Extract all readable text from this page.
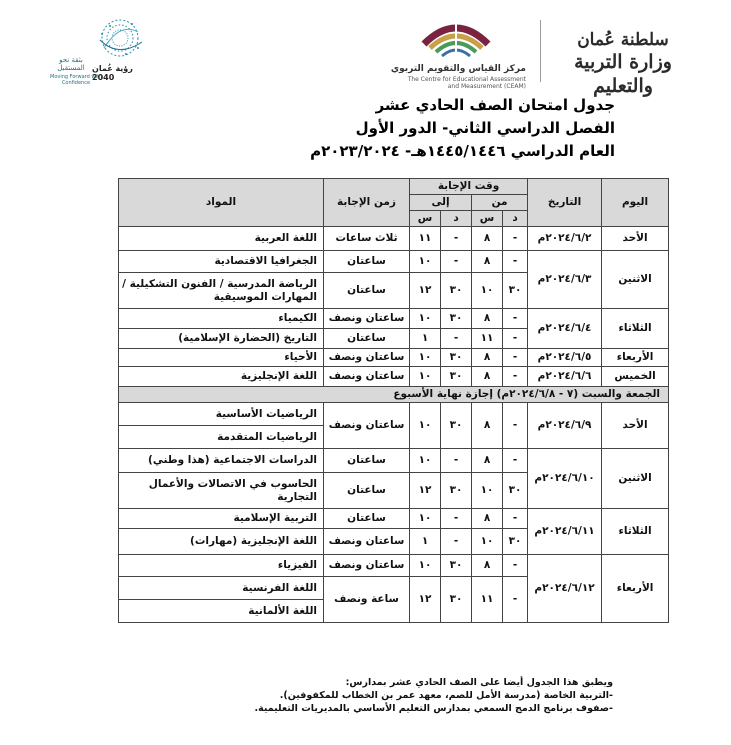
بثقة نحو المستقبل رؤية عُمان 2040
Moving Forward with Confidence
مركز القياس والتقويم التربوي
The Centre for Educational Assessment
and Measurement (CEAM)
سلطنة عُمان
وزارة التربية والتعليم
جدول امتحان الصف الحادي عشر
الفصل الدراسي الثاني- الدور الأول
العام الدراسي ١٤٤٥/١٤٤٦هـ- ٢٠٢٣/٢٠٢٤م
اليوم	التاريخ	وقت الإجابة				زمن الإجابة	المواد
		من		إلى			
		د	س	د	س		
الأحد	٢٠٢٤/٦/٢م	-	٨	-	١١	ثلاث ساعات	اللغة العربية
الاثنين	٢٠٢٤/٦/٣م	-	٨	-	١٠	ساعتان	الجغرافيا الاقتصادية
		٣٠	١٠	٣٠	١٢	ساعتان	الرياضة المدرسية / الفنون التشكيلية / المهارات الموسيقية
الثلاثاء	٢٠٢٤/٦/٤م	-	٨	٣٠	١٠	ساعتان ونصف	الكيمياء
		-	١١	-	١	ساعتان	التاريخ (الحضارة الإسلامية)
الأربعاء	٢٠٢٤/٦/٥م	-	٨	٣٠	١٠	ساعتان ونصف	الأحياء
الخميس	٢٠٢٤/٦/٦م	-	٨	٣٠	١٠	ساعتان ونصف	اللغة الإنجليزية
الجمعة والسبت (٧ - ٢٠٢٤/٦/٨م) إجازة نهاية الأسبوع							
الأحد	٢٠٢٤/٦/٩م	-	٨	٣٠	١٠	ساعتان ونصف	الرياضيات الأساسية
							الرياضيات المتقدمة
الاثنين	٢٠٢٤/٦/١٠م	-	٨	-	١٠	ساعتان	الدراسات الاجتماعية (هذا وطني)
		٣٠	١٠	٣٠	١٢	ساعتان	الحاسوب في الاتصالات والأعمال التجارية
الثلاثاء	٢٠٢٤/٦/١١م	-	٨	-	١٠	ساعتان	التربية الإسلامية
		٣٠	١٠	-	١	ساعتان ونصف	اللغة الإنجليزية (مهارات)
الأربعاء	٢٠٢٤/٦/١٢م	-	٨	٣٠	١٠	ساعتان ونصف	الفيزياء
		-	١١	٣٠	١٢	ساعة ونصف	اللغة الفرنسية
							اللغة الألمانية
ويطبق هذا الجدول أيضا على الصف الحادي عشر بمدارس:
-التربية الخاصة (مدرسة الأمل للصم، معهد عمر بن الخطاب للمكفوفين).
-صفوف برنامج الدمج السمعي بمدارس التعليم الأساسي بالمديريات التعليمية.
